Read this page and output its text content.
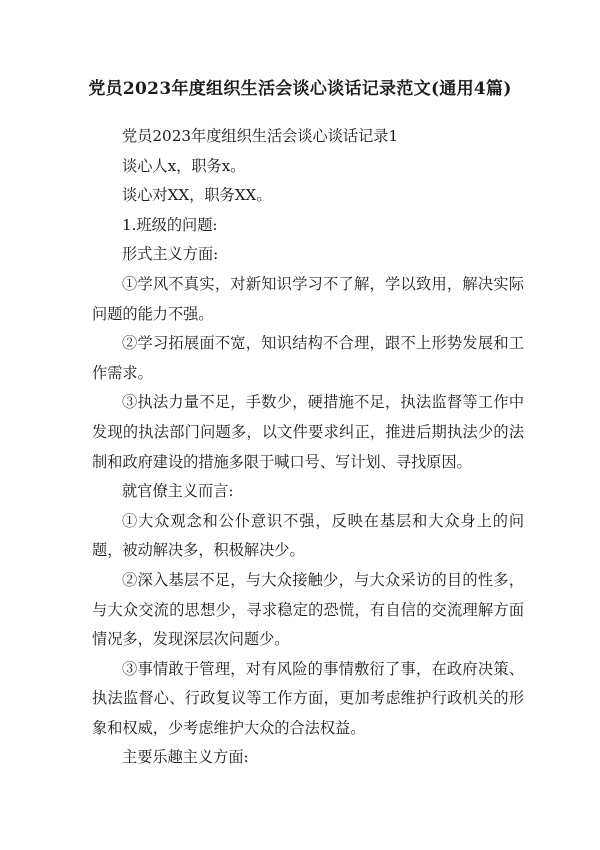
党员2023年度组织生活会谈心谈话记录范文(通用4篇)

党员2023年度组织生活会谈心谈话记录1

谈心人x，职务x。

谈心对XX，职务XX。

1.班级的问题:

形式主义方面:

①学风不真实，对新知识学习不了解，学以致用，解决实际问题的能力不强。

②学习拓展面不宽，知识结构不合理，跟不上形势发展和工作需求。

③执法力量不足，手数少，硬措施不足，执法监督等工作中发现的执法部门问题多，以文件要求纠正，推进后期执法少的法制和政府建设的措施多限于喊口号、写计划、寻找原因。

就官僚主义而言:

①大众观念和公仆意识不强，反映在基层和大众身上的问题，被动解决多，积极解决少。

②深入基层不足，与大众接触少，与大众采访的目的性多，与大众交流的思想少，寻求稳定的恐慌，有自信的交流理解方面情况多，发现深层次问题少。

③事情敢于管理，对有风险的事情敷衍了事，在政府决策、执法监督心、行政复议等工作方面，更加考虑维护行政机关的形象和权威，少考虑维护大众的合法权益。

主要乐趣主义方面:
